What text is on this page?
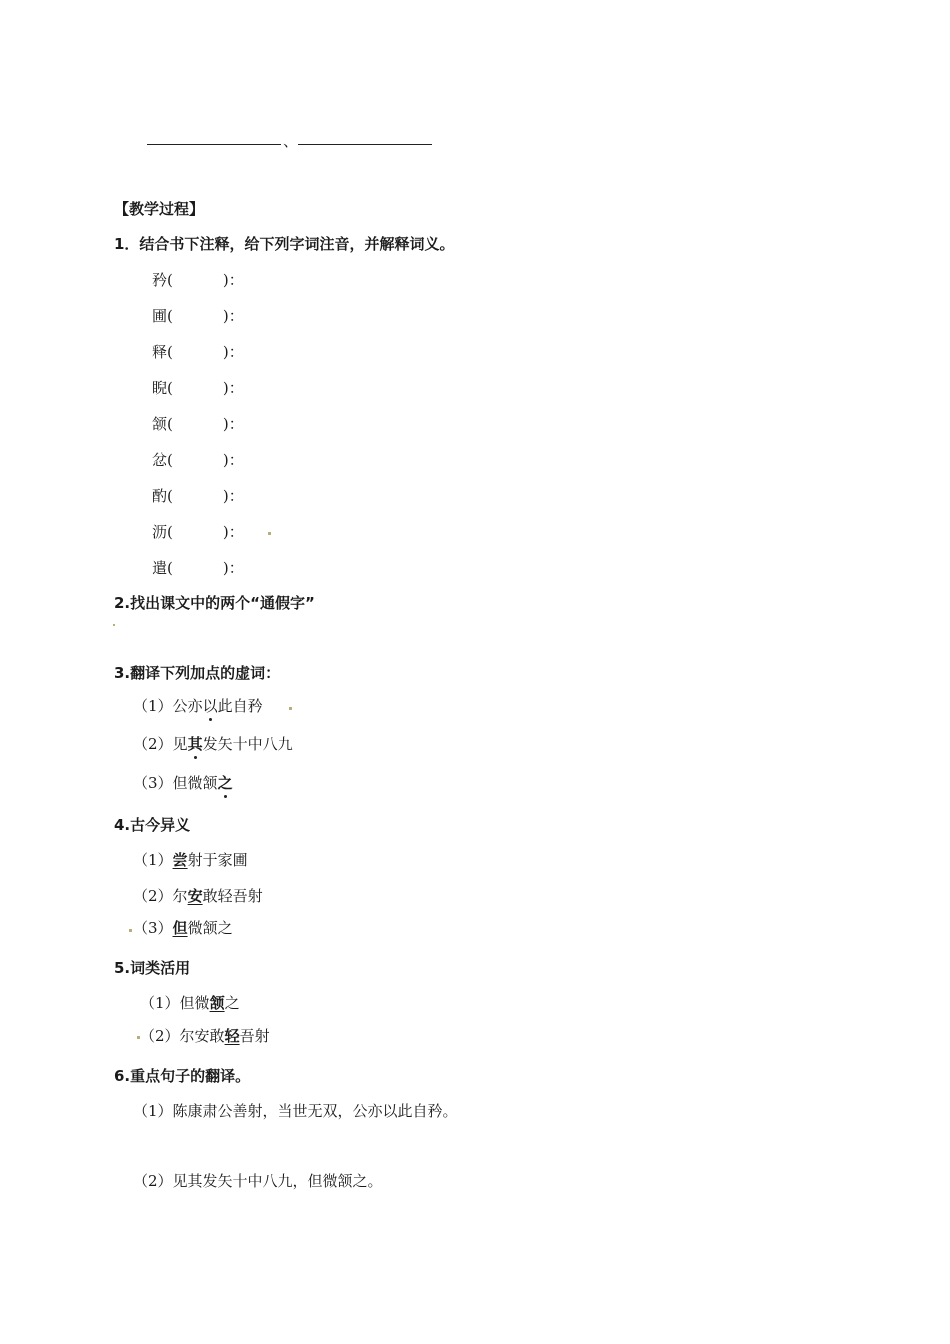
、
【教学过程】
1．结合书下注释，给下列字词注音，并解释词义。
矜(	)：
圃(	)：
释(	)：
睨(	)：
颔(	)：
忿(	)：
酌(	)：
沥(	)：
遣(	)：
2.找出课文中的两个“通假字”
3.翻译下列加点的虚词：
（1）公亦以此自矜
（2）见其发矢十中八九
（3）但微颔之
4.古今异义
（1）尝射于家圃
（2）尔安敢轻吾射
（3）但微颔之
5.词类活用
（1）但微颔之
（2）尔安敢轻吾射
6.重点句子的翻译。
（1）陈康肃公善射，当世无双，公亦以此自矜。
（2）见其发矢十中八九，但微颔之。
